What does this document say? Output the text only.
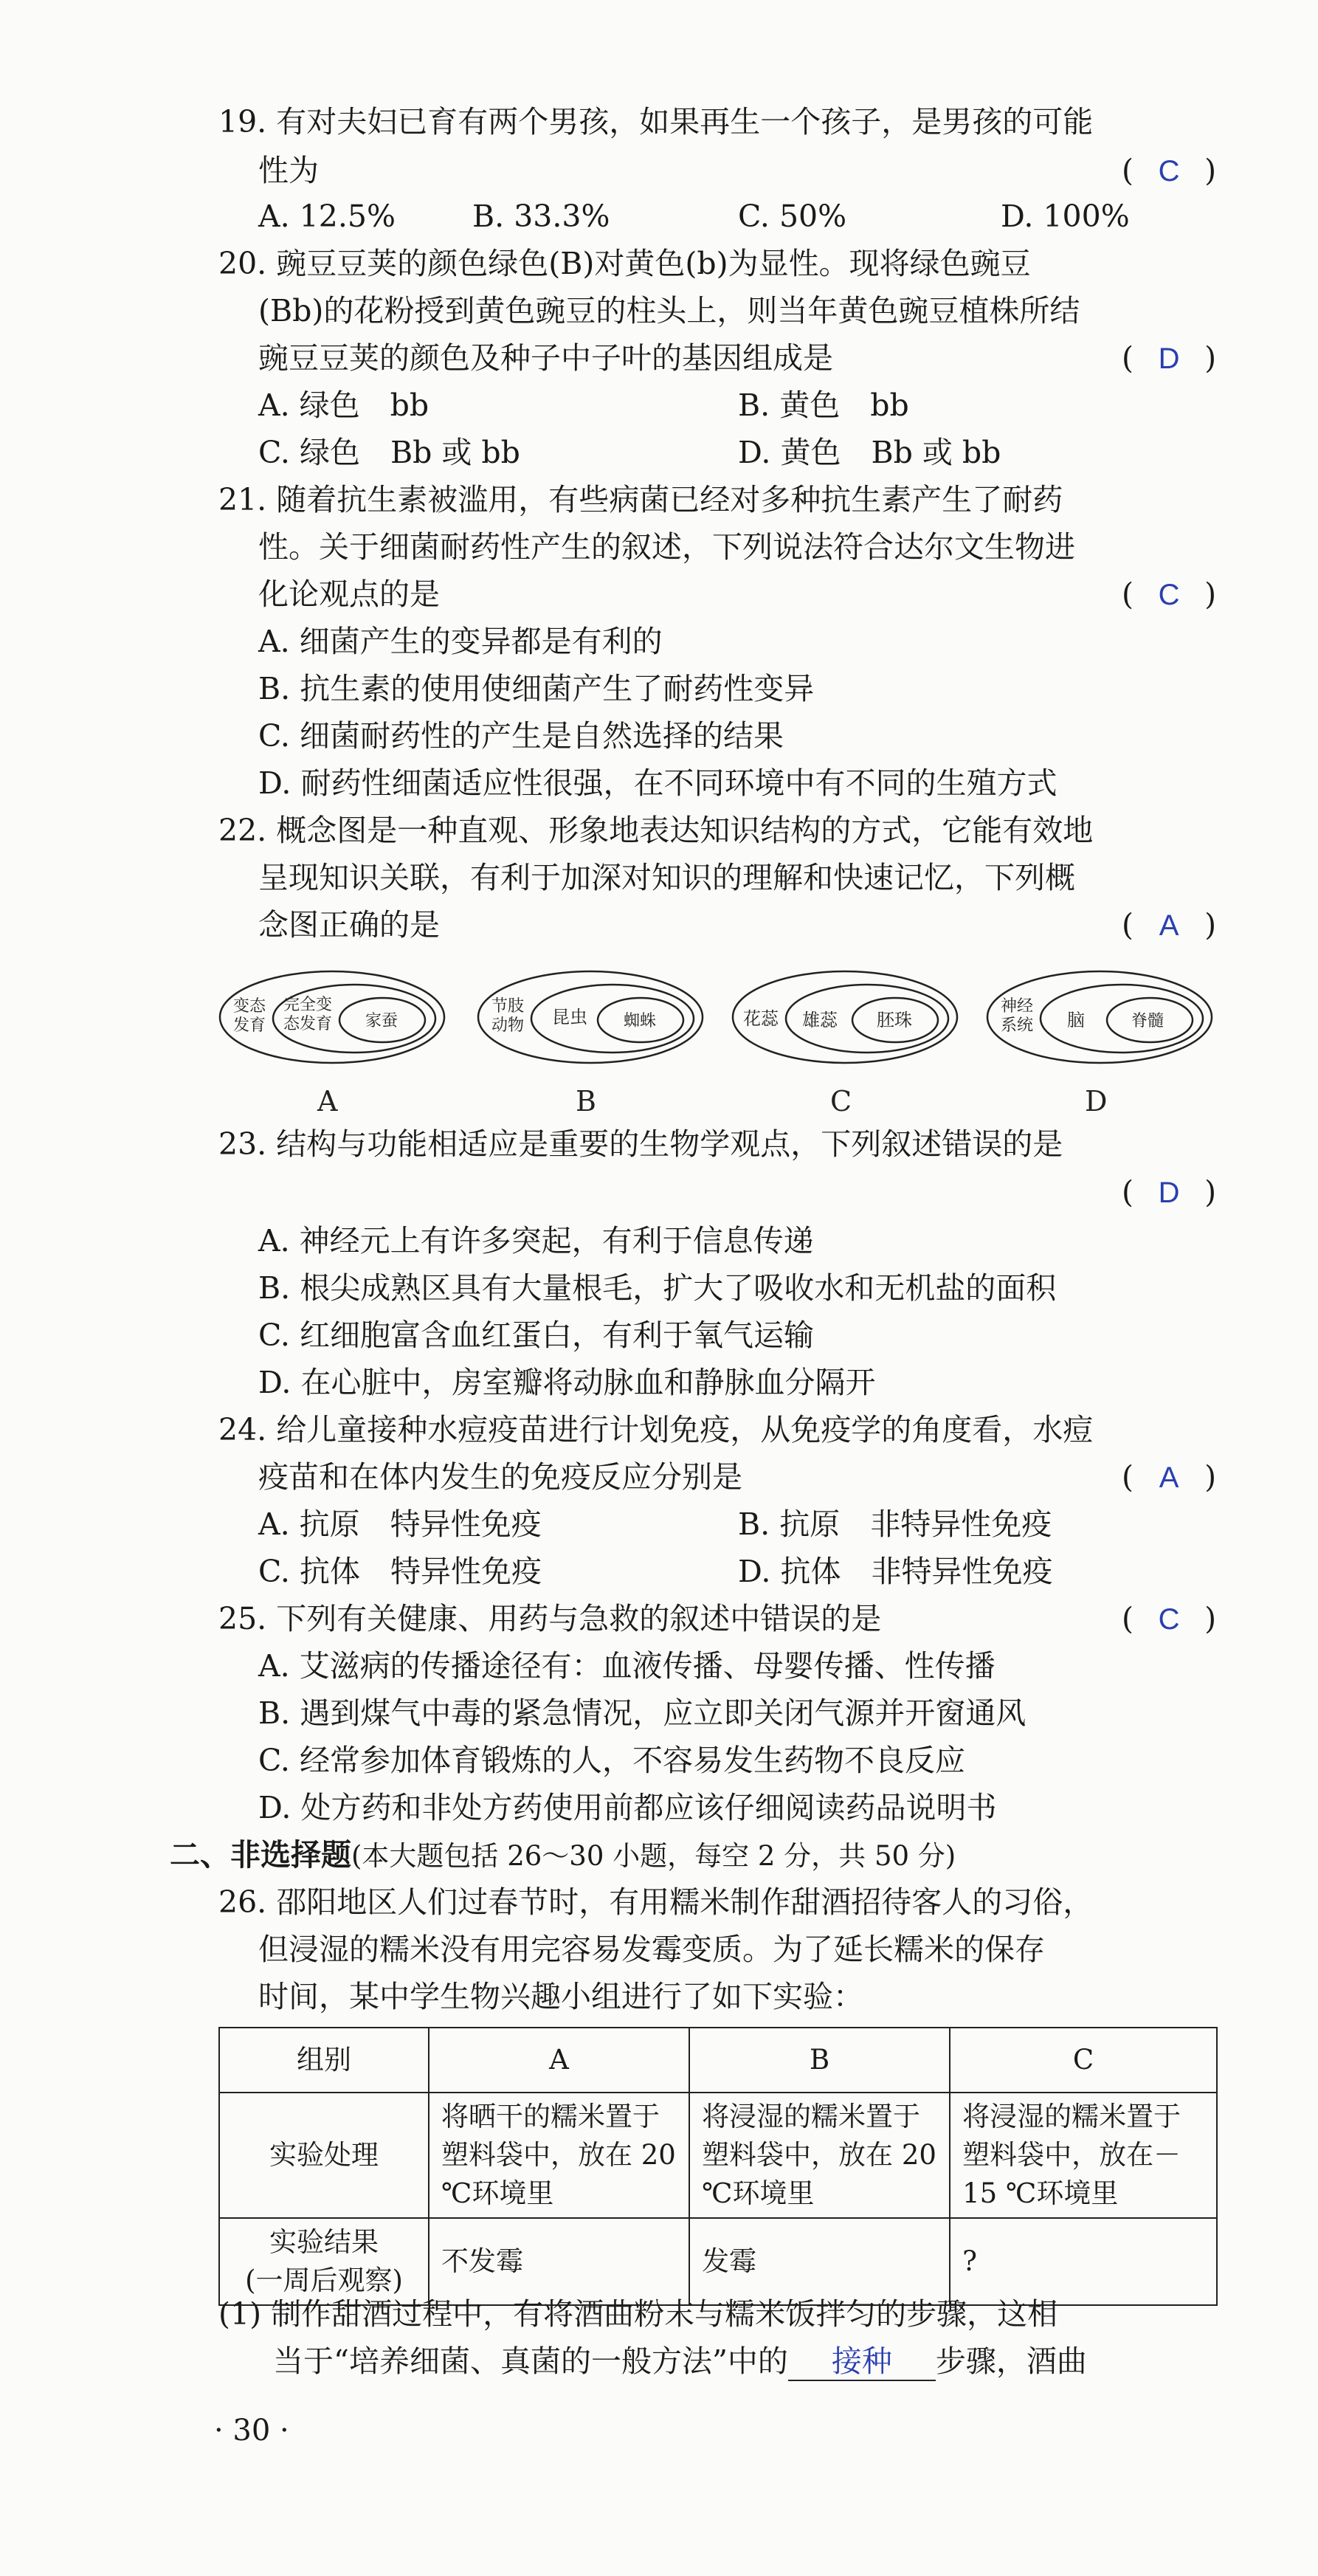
19. 有对夫妇已育有两个男孩，如果再生一个孩子，是男孩的可能
性为	( C )
A. 12.5%	B. 33.3%	C. 50%	D. 100%
20. 豌豆豆荚的颜色绿色(B)对黄色(b)为显性。现将绿色豌豆
(Bb)的花粉授到黄色豌豆的柱头上，则当年黄色豌豆植株所结
豌豆豆荚的颜色及种子中子叶的基因组成是	( D )
A. 绿色　bb	B. 黄色　bb
C. 绿色　Bb 或 bb	D. 黄色　Bb 或 bb
21. 随着抗生素被滥用，有些病菌已经对多种抗生素产生了耐药
性。关于细菌耐药性产生的叙述，下列说法符合达尔文生物进
化论观点的是	( C )
A. 细菌产生的变异都是有利的
B. 抗生素的使用使细菌产生了耐药性变异
C. 细菌耐药性的产生是自然选择的结果
D. 耐药性细菌适应性很强，在不同环境中有不同的生殖方式
22. 概念图是一种直观、形象地表达知识结构的方式，它能有效地
呈现知识关联，有利于加深对知识的理解和快速记忆，下列概
念图正确的是	( A )
变态
发育
完全变
态发育 家蚕
A
节肢
动物 昆虫 蜘蛛
B
花蕊 雄蕊 胚珠
C
神经
系统 脑	脊髓
D
23. 结构与功能相适应是重要的生物学观点，下列叙述错误的是
( D )
A. 神经元上有许多突起，有利于信息传递
B. 根尖成熟区具有大量根毛，扩大了吸收水和无机盐的面积
C. 红细胞富含血红蛋白，有利于氧气运输
D. 在心脏中，房室瓣将动脉血和静脉血分隔开
24. 给儿童接种水痘疫苗进行计划免疫，从免疫学的角度看，水痘
疫苗和在体内发生的免疫反应分别是	( A )
A. 抗原　特异性免疫	B. 抗原　非特异性免疫
C. 抗体　特异性免疫	D. 抗体　非特异性免疫
25. 下列有关健康、用药与急救的叙述中错误的是	( C )
A. 艾滋病的传播途径有：血液传播、母婴传播、性传播
B. 遇到煤气中毒的紧急情况，应立即关闭气源并开窗通风
C. 经常参加体育锻炼的人，不容易发生药物不良反应
D. 处方药和非处方药使用前都应该仔细阅读药品说明书
二、非选择题(本大题包括 26～30 小题，每空 2 分，共 50 分)
26. 邵阳地区人们过春节时，有用糯米制作甜酒招待客人的习俗，
但浸湿的糯米没有用完容易发霉变质。为了延长糯米的保存
时间，某中学生物兴趣小组进行了如下实验：
组别	A	B	C
实验处理	将晒干的糯米置于塑料袋中，放在 20 ℃环境里	将浸湿的糯米置于塑料袋中，放在 20 ℃环境里	将浸湿的糯米置于塑料袋中，放在－15 ℃环境里
实验结果
(一周后观察)	不发霉	发霉	?
(1) 制作甜酒过程中，有将酒曲粉末与糯米饭拌匀的步骤，这相
当于“培养细菌、真菌的一般方法”中的 接种 步骤，酒曲
· 30 ·
